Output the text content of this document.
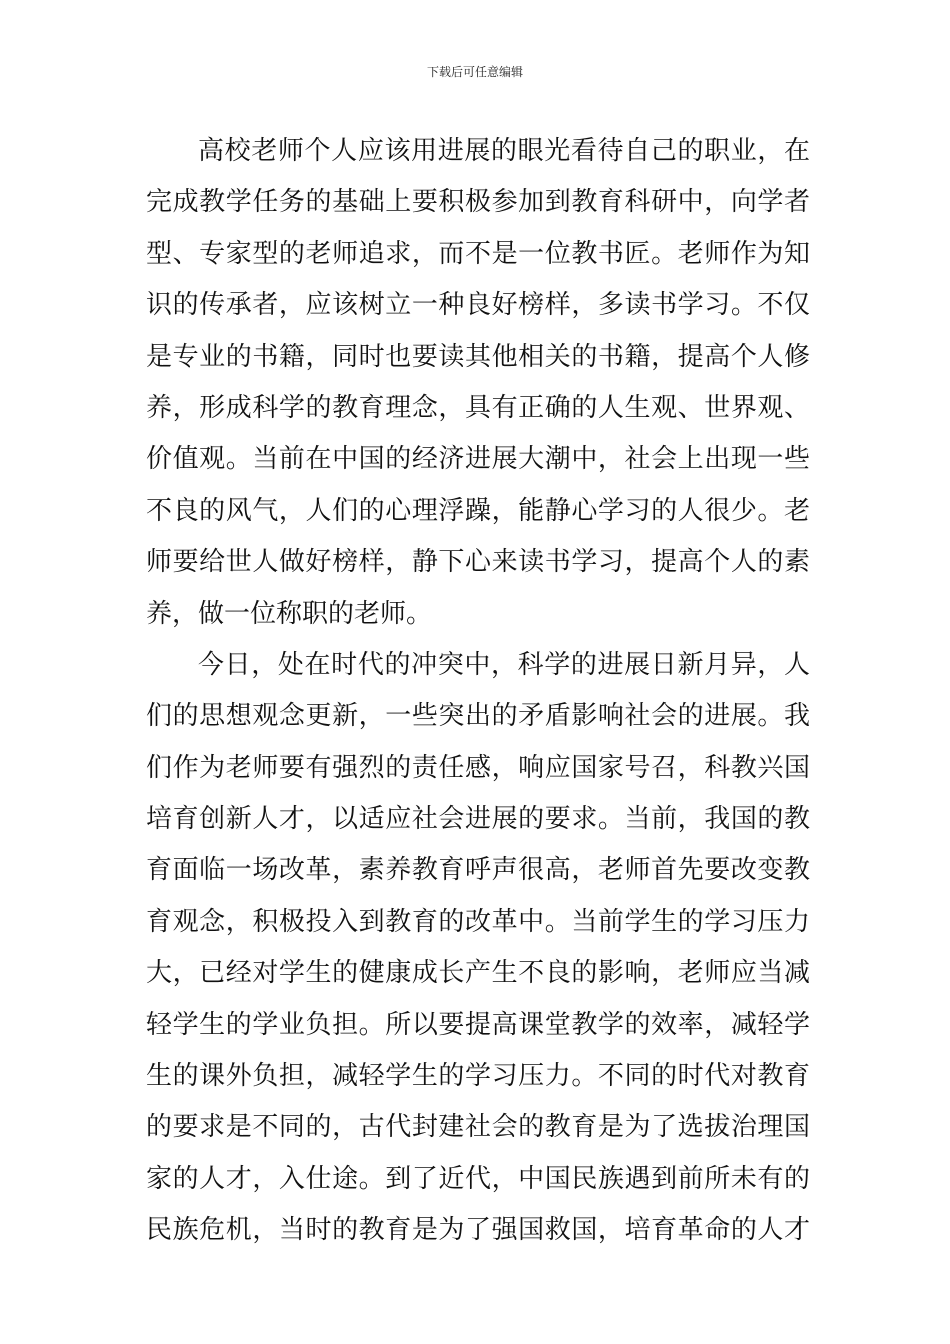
下载后可任意编辑
高校老师个人应该用进展的眼光看待自己的职业，在
完成教学任务的基础上要积极参加到教育科研中，向学者
型、专家型的老师追求，而不是一位教书匠。老师作为知
识的传承者，应该树立一种良好榜样，多读书学习。不仅
是专业的书籍，同时也要读其他相关的书籍，提高个人修
养，形成科学的教育理念，具有正确的人生观、世界观、
价值观。当前在中国的经济进展大潮中，社会上出现一些
不良的风气，人们的心理浮躁，能静心学习的人很少。老
师要给世人做好榜样，静下心来读书学习，提高个人的素
养，做一位称职的老师。
今日，处在时代的冲突中，科学的进展日新月异，人
们的思想观念更新，一些突出的矛盾影响社会的进展。我
们作为老师要有强烈的责任感，响应国家号召，科教兴国
培育创新人才，以适应社会进展的要求。当前，我国的教
育面临一场改革，素养教育呼声很高，老师首先要改变教
育观念，积极投入到教育的改革中。当前学生的学习压力
大，已经对学生的健康成长产生不良的影响，老师应当减
轻学生的学业负担。所以要提高课堂教学的效率，减轻学
生的课外负担，减轻学生的学习压力。不同的时代对教育
的要求是不同的，古代封建社会的教育是为了选拔治理国
家的人才，入仕途。到了近代，中国民族遇到前所未有的
民族危机，当时的教育是为了强国救国，培育革命的人才
